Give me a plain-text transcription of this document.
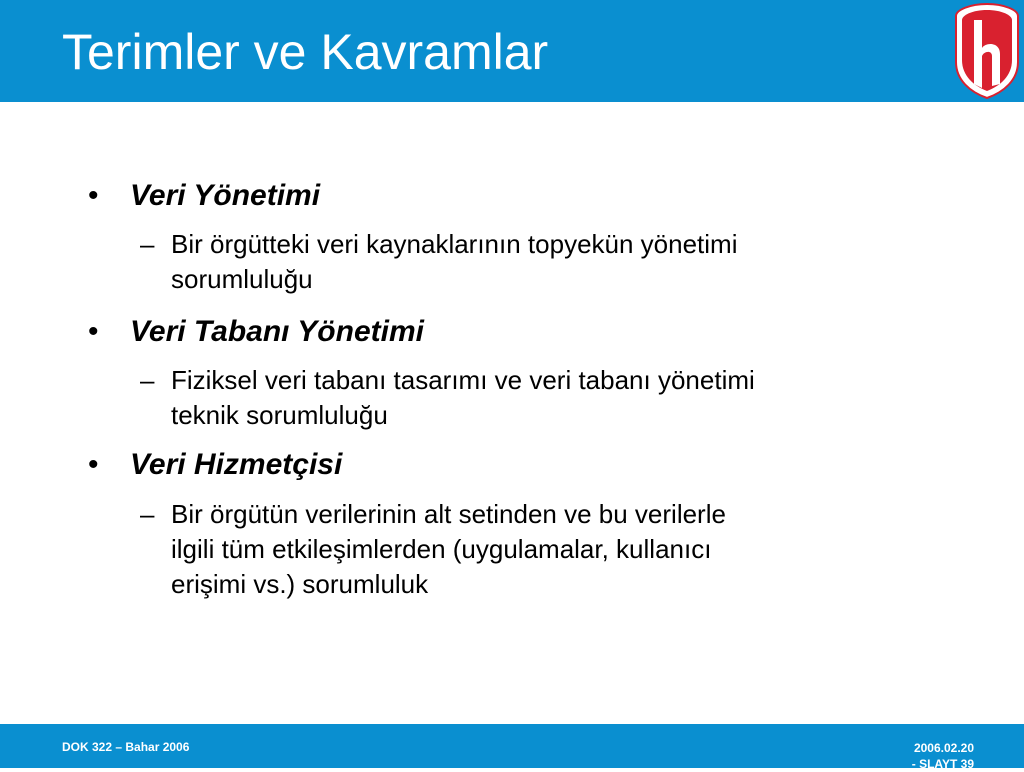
Terimler ve Kavramlar
• Veri Yönetimi
– Bir örgütteki veri kaynaklarının topyekün yönetimi
sorumluluğu
• Veri Tabanı Yönetimi
– Fiziksel veri tabanı tasarımı ve veri tabanı yönetimi
teknik sorumluluğu
• Veri Hizmetçisi
– Bir örgütün verilerinin alt setinden ve bu verilerle
ilgili tüm etkileşimlerden (uygulamalar, kullanıcı
erişimi vs.) sorumluluk
DOK 322 – Bahar 2006	2006.02.20
- SLAYT 39
